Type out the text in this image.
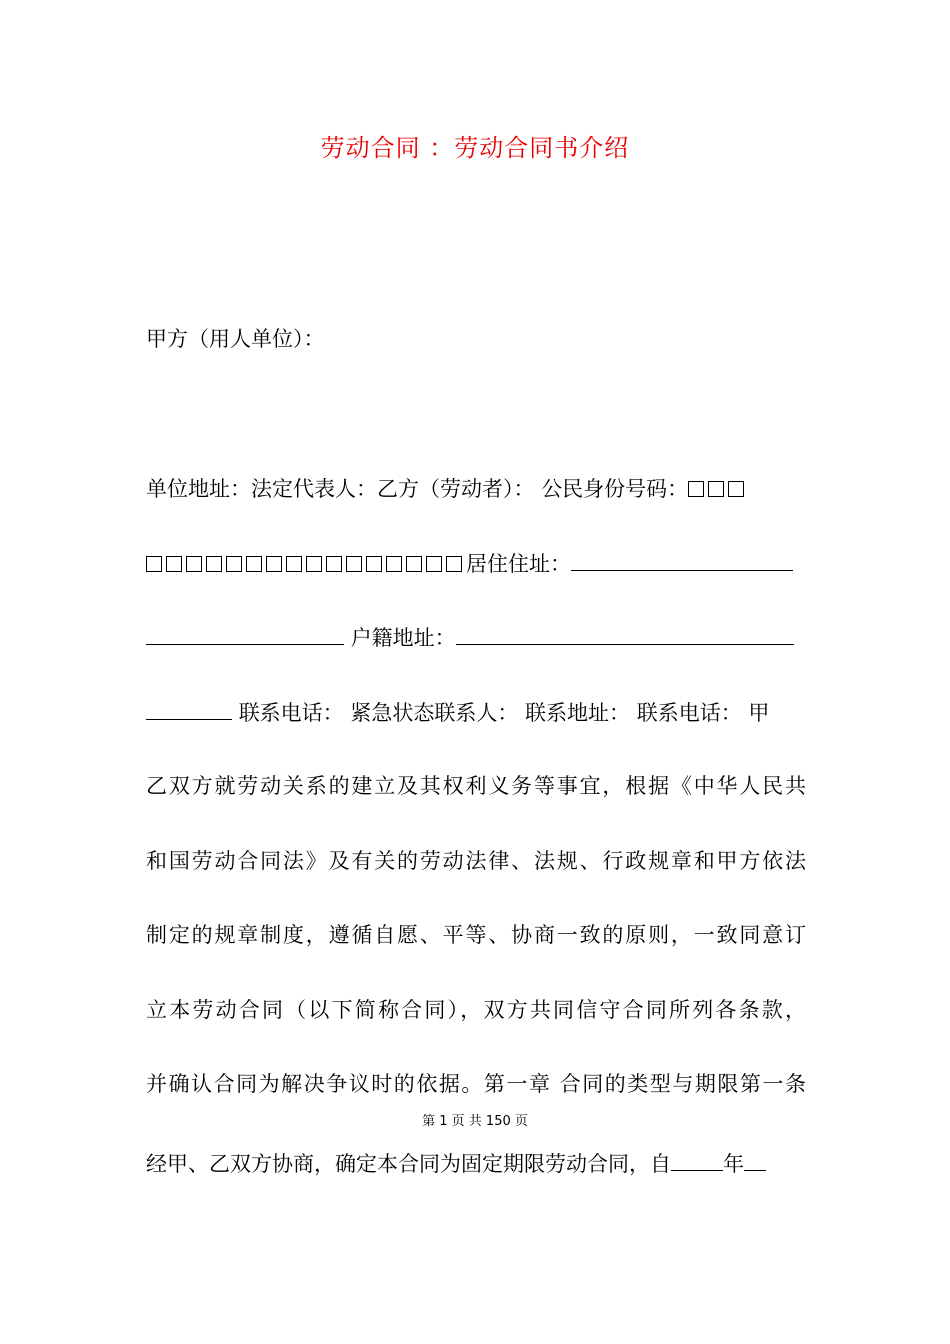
劳动合同 ：劳动合同书介绍
甲方（用人单位）：
单位地址：法定代表人：乙方（劳动者）： 公民身份号码：
居住住址：
户籍地址：
联系电话： 紧急状态联系人： 联系地址： 联系电话： 甲
乙双方就劳动关系的建立及其权利义务等事宜，根据《中华人民共
和国劳动合同法》及有关的劳动法律、法规、行政规章和甲方依法
制定的规章制度，遵循自愿、平等、协商一致的原则，一致同意订
立本劳动合同（以下简称合同），双方共同信守合同所列各条款，
并确认合同为解决争议时的依据。第一章 合同的类型与期限第一条
第 1 页 共 150 页
经甲、乙双方协商，确定本合同为固定期限劳动合同，自 年
